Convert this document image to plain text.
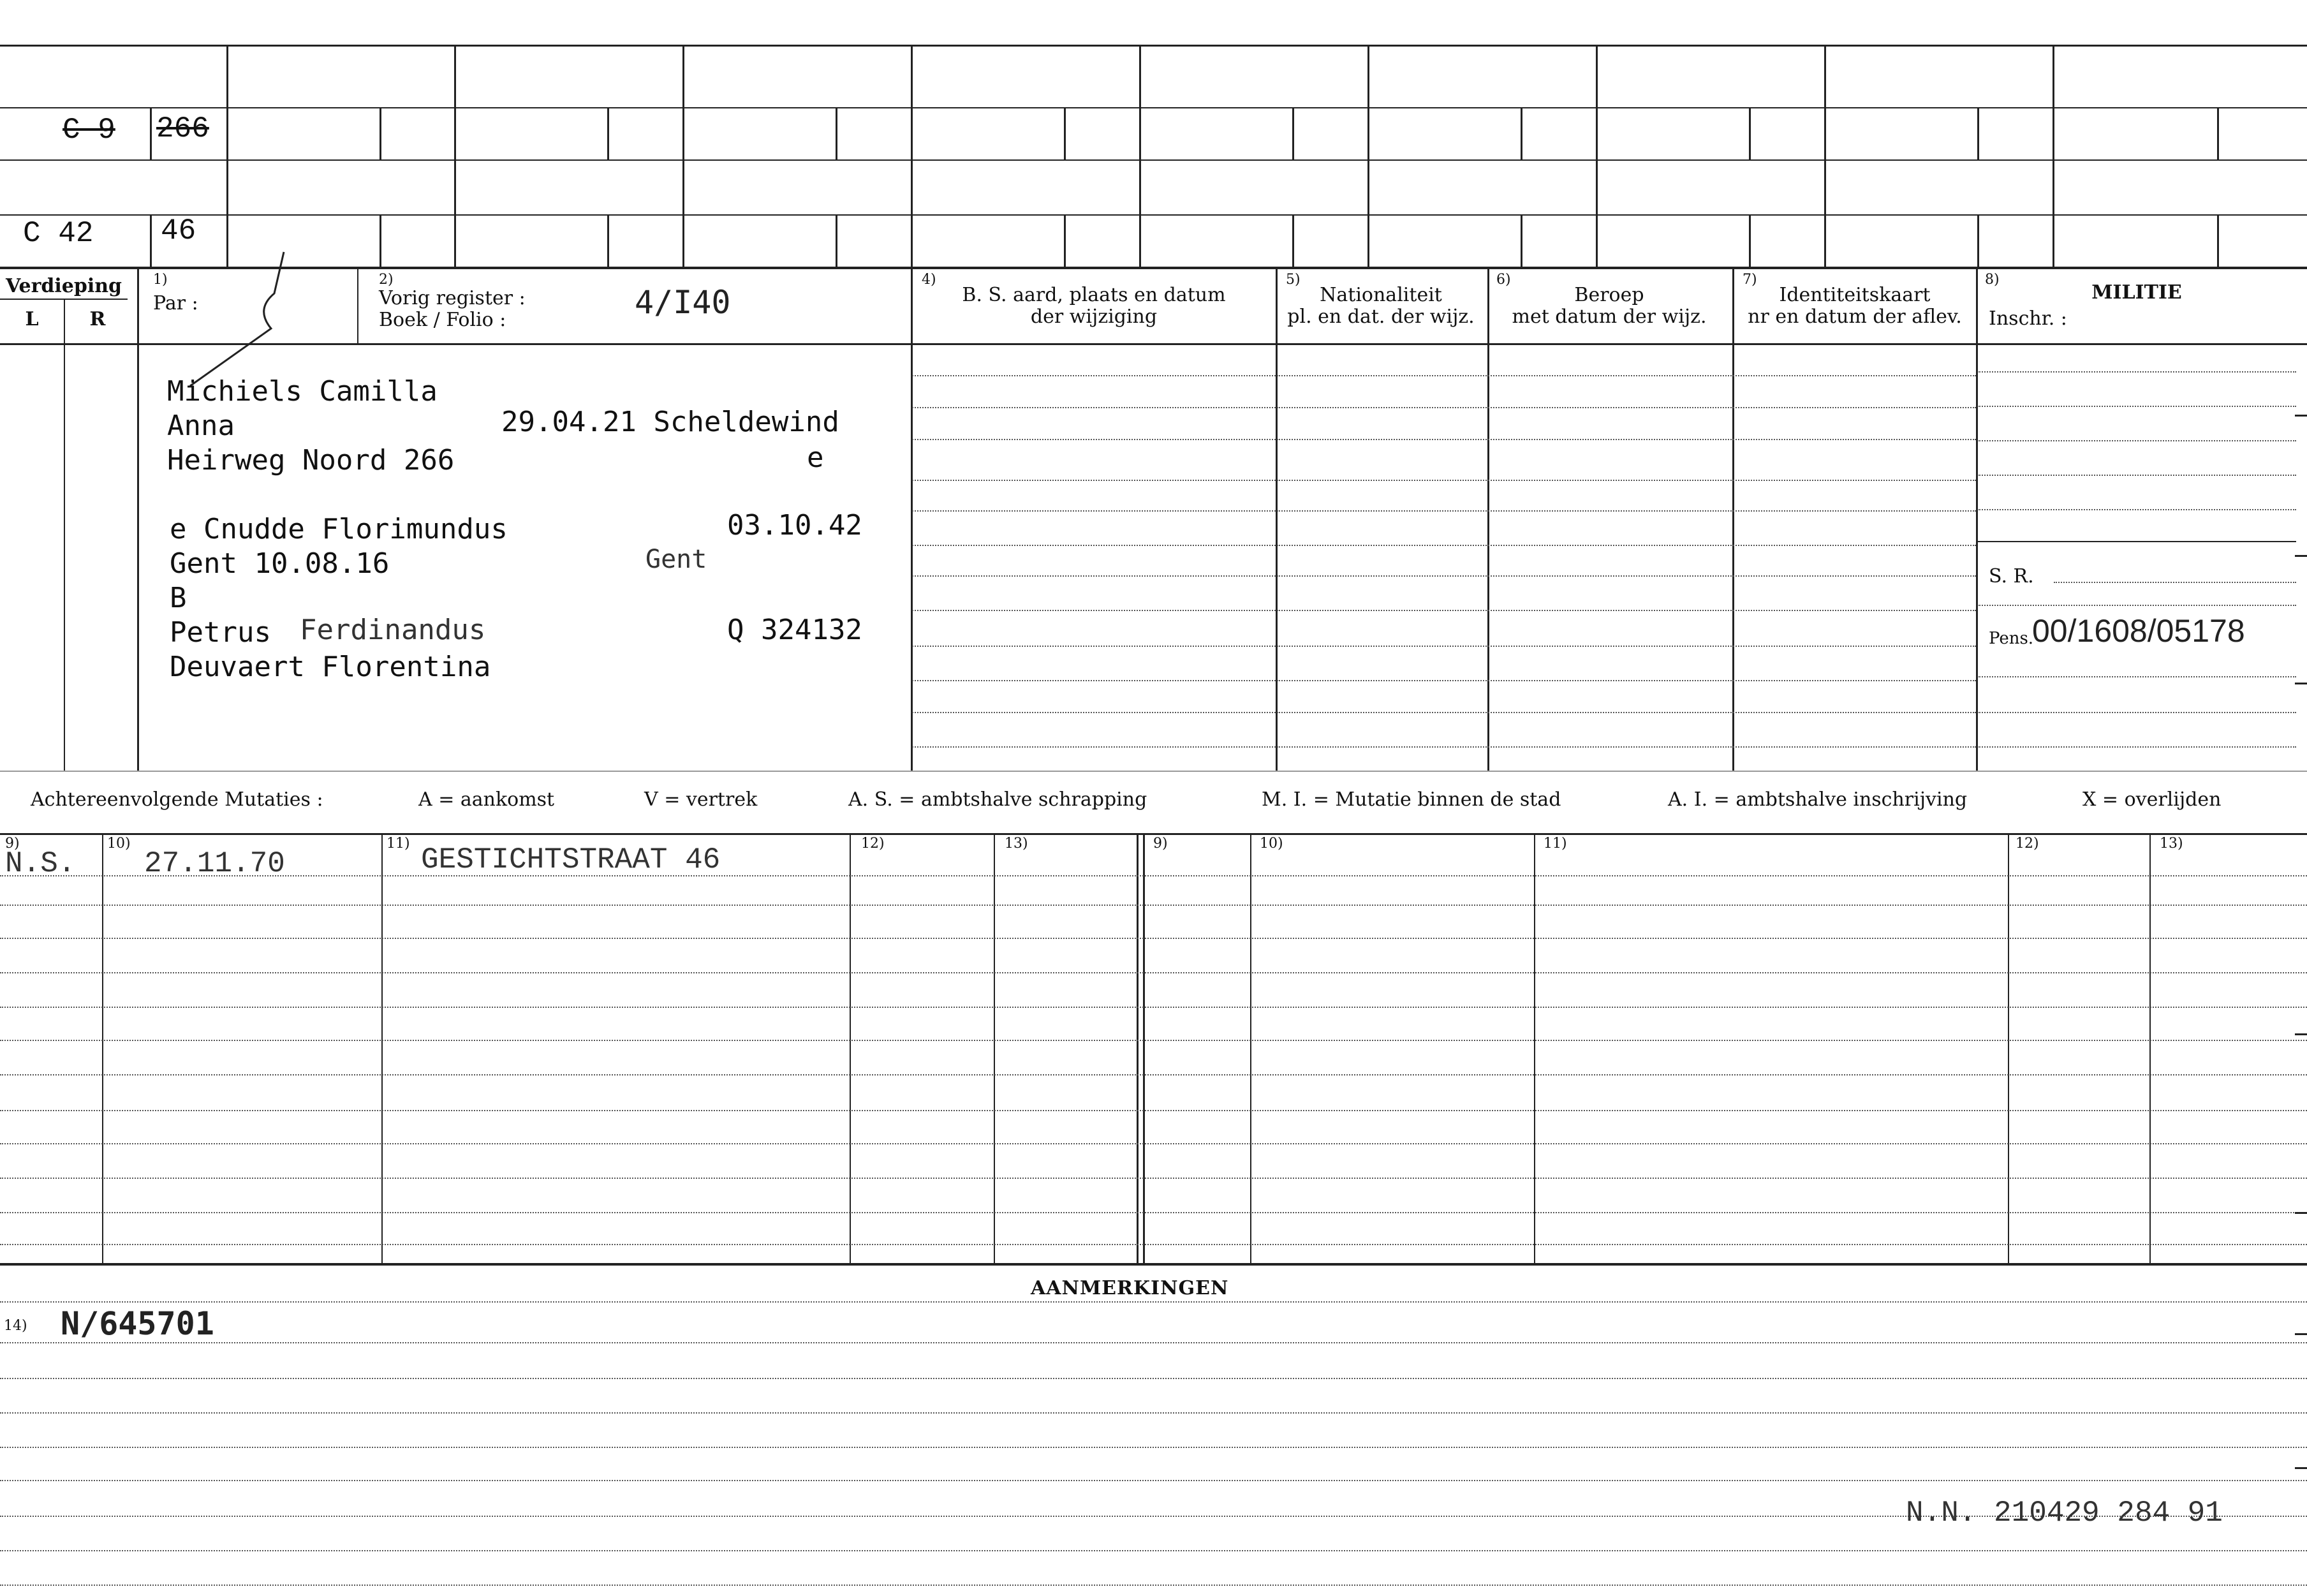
C 9 266
C 42 46
Verdieping
L	R
1)
Par :
2)
Vorig register :
Boek / Folio :	4/I40
4)
B. S. aard, plaats en datum
der wijziging
5)
Nationaliteit
pl. en dat. der wijz.
6)
Beroep
met datum der wijz.
7)
Identiteitskaart
nr en datum der aflev.
8)
MILITIE
Inschr. :
Michiels Camilla
Anna	29.04.21 Scheldewind
Heirweg Noord 266	e
e Cnudde Florimundus	03.10.42
Gent 10.08.16	Gent
B
Petrus Ferdinandus	Q 324132
Deuvaert Florentina
S. R.
Pens.
00/1608/05178
Achtereenvolgende Mutaties :	A = aankomst	V = vertrek	A. S. = ambtshalve schrapping	M. I. = Mutatie binnen de stad	A. I. = ambtshalve inschrijving	X = overlijden
9)	10)	11)	12)	13)	9)	10)	11)	12)	13)
N.S. 27.11.70	GESTICHTSTRAAT 46
AANMERKINGEN
14) N/645701
N.N. 210429 284 91
